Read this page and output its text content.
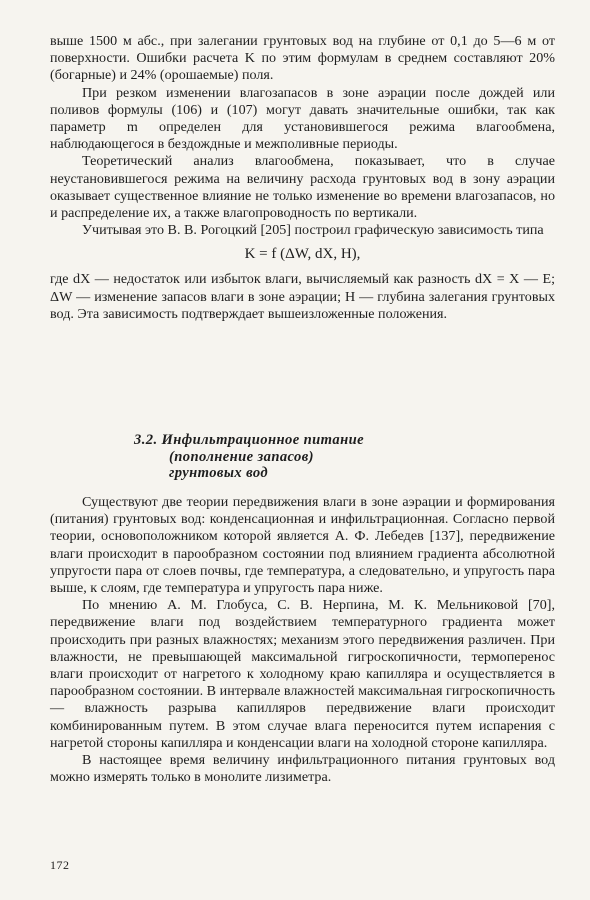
выше 1500 м абс., при залегании грунтовых вод на глубине от 0,1 до 5—6 м от поверхности. Ошибки расчета K по этим формулам в среднем составляют 20% (богарные) и 24% (орошаемые) поля.

При резком изменении влагозапасов в зоне аэрации после дождей или поливов формулы (106) и (107) могут давать значительные ошибки, так как параметр m определен для установившегося режима влагообмена, наблюдающегося в бездождные и межполивные периоды.

Теоретический анализ влагообмена, показывает, что в случае неустановившегося режима на величину расхода грунтовых вод в зону аэрации оказывает существенное влияние не только изменение во времени влагозапасов, но и распределение их, а также влагопроводность по вертикали.

Учитывая это В. В. Рогоцкий [205] построил графическую зависимость типа

K = f (ΔW, dX, H),

где dX — недостаток или избыток влаги, вычисляемый как разность dX = X — E; ΔW — изменение запасов влаги в зоне аэрации; H — глубина залегания грунтовых вод. Эта зависимость подтверждает вышеизложенные положения.

3.2. Инфильтрационное питание
(пополнение запасов)
грунтовых вод

Существуют две теории передвижения влаги в зоне аэрации и формирования (питания) грунтовых вод: конденсационная и инфильтрационная. Согласно первой теории, основоположником которой является А. Ф. Лебедев [137], передвижение влаги происходит в парообразном состоянии под влиянием градиента абсолютной упругости пара от слоев почвы, где температура, а следовательно, и упругость пара выше, к слоям, где температура и упругость пара ниже.

По мнению А. М. Глобуса, С. В. Нерпина, М. К. Мельниковой [70], передвижение влаги под воздействием температурного градиента может происходить при разных влажностях; механизм этого передвижения различен. При влажности, не превышающей максимальной гигроскопичности, термоперенос влаги происходит от нагретого к холодному краю капилляра и осуществляется в парообразном состоянии. В интервале влажностей максимальная гигроскопичность — влажность разрыва капилляров передвижение влаги происходит комбинированным путем. В этом случае влага переносится путем испарения с нагретой стороны капилляра и конденсации влаги на холодной стороне капилляра.

В настоящее время величину инфильтрационного питания грунтовых вод можно измерять только в монолите лизиметра.

172
